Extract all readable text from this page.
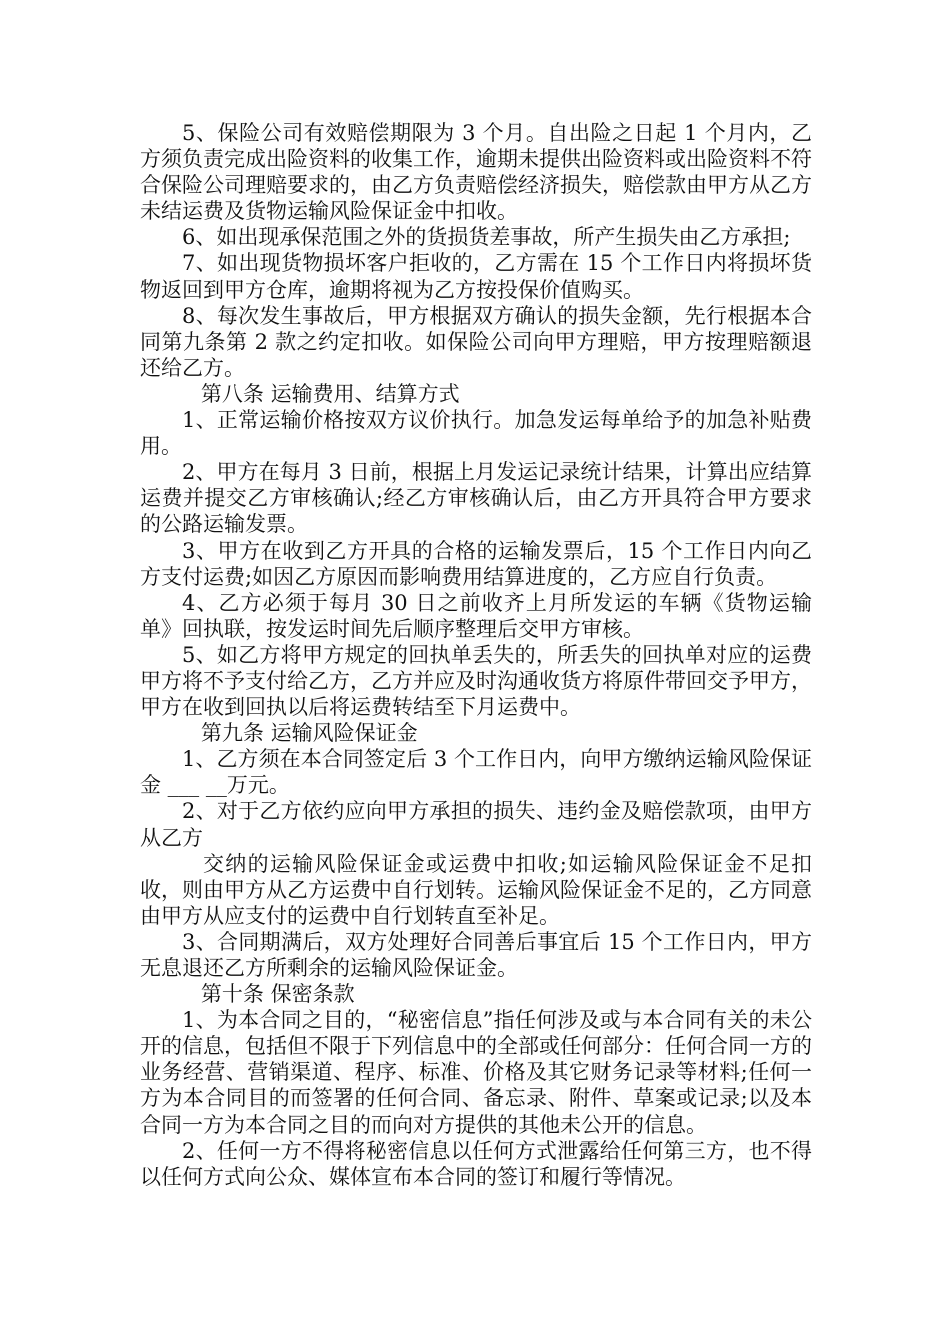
5、保险公司有效赔偿期限为 3 个月。自出险之日起 1 个月内，乙方须负责完成出险资料的收集工作，逾期未提供出险资料或出险资料不符合保险公司理赔要求的，由乙方负责赔偿经济损失，赔偿款由甲方从乙方未结运费及货物运输风险保证金中扣收。

6、如出现承保范围之外的货损货差事故，所产生损失由乙方承担;

7、如出现货物损坏客户拒收的，乙方需在 15 个工作日内将损坏货物返回到甲方仓库，逾期将视为乙方按投保价值购买。

8、每次发生事故后，甲方根据双方确认的损失金额，先行根据本合同第九条第 2 款之约定扣收。如保险公司向甲方理赔，甲方按理赔额退还给乙方。

第八条 运输费用、结算方式

1、正常运输价格按双方议价执行。加急发运每单给予的加急补贴费用。

2、甲方在每月 3 日前，根据上月发运记录统计结果，计算出应结算运费并提交乙方审核确认;经乙方审核确认后，由乙方开具符合甲方要求的公路运输发票。

3、甲方在收到乙方开具的合格的运输发票后，15 个工作日内向乙方支付运费;如因乙方原因而影响费用结算进度的，乙方应自行负责。

4、乙方必须于每月 30 日之前收齐上月所发运的车辆《货物运输单》回执联，按发运时间先后顺序整理后交甲方审核。

5、如乙方将甲方规定的回执单丢失的，所丢失的回执单对应的运费甲方将不予支付给乙方，乙方并应及时沟通收货方将原件带回交予甲方，甲方在收到回执以后将运费转结至下月运费中。

第九条 运输风险保证金

1、乙方须在本合同签定后 3 个工作日内，向甲方缴纳运输风险保证金 ___ __万元。

2、对于乙方依约应向甲方承担的损失、违约金及赔偿款项，由甲方从乙方

交纳的运输风险保证金或运费中扣收;如运输风险保证金不足扣收，则由甲方从乙方运费中自行划转。运输风险保证金不足的，乙方同意由甲方从应支付的运费中自行划转直至补足。

3、合同期满后，双方处理好合同善后事宜后 15 个工作日内，甲方无息退还乙方所剩余的运输风险保证金。

第十条 保密条款

1、为本合同之目的，“秘密信息”指任何涉及或与本合同有关的未公开的信息，包括但不限于下列信息中的全部或任何部分：任何合同一方的业务经营、营销渠道、程序、标准、价格及其它财务记录等材料;任何一方为本合同目的而签署的任何合同、备忘录、附件、草案或记录;以及本合同一方为本合同之目的而向对方提供的其他未公开的信息。

2、任何一方不得将秘密信息以任何方式泄露给任何第三方，也不得以任何方式向公众、媒体宣布本合同的签订和履行等情况。
